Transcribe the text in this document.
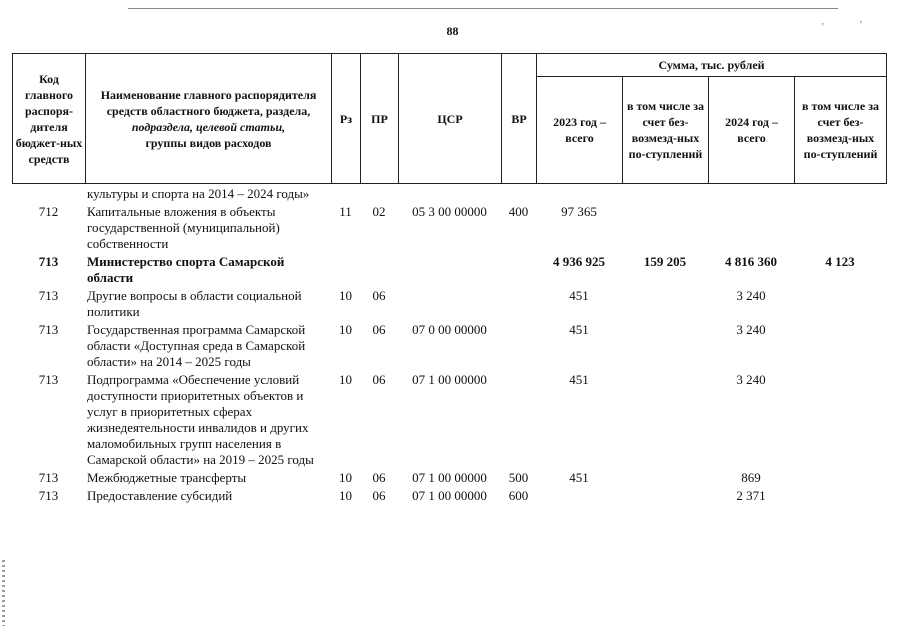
'	'
88
Код главного распоря-дителя бюджет-ных средств	Наименование главного распорядителя средств областного бюджета, раздела,
подраздела, целевой статьи,
группы видов расходов	Рз	ПР	ЦСР	ВР	Сумма, тыс. рублей			
						2023 год – всего	в том числе за счет без-возмезд-ных по-ступлений	2024 год – всего	в том числе за счет без-возмезд-ных по-ступлений
	культуры и спорта на 2014 – 2024 годы»								
712	Капитальные вложения в объекты государственной (муниципальной) собственности	11	02	05 3 00 00000	400	97 365			
713	Министерство спорта Самарской области					4 936 925	159 205	4 816 360	4 123
713	Другие вопросы в области социальной политики	10	06			451		3 240	
713	Государственная программа Самарской области «Доступная среда в Самарской области» на 2014 – 2025 годы	10	06	07 0 00 00000		451		3 240	
713	Подпрограмма «Обеспечение условий доступности приоритетных объектов и услуг в приоритетных сферах жизнедеятельности инвалидов и других маломобильных групп населения в Самарской области» на 2019 – 2025 годы	10	06	07 1 00 00000		451		3 240	
713	Межбюджетные трансферты	10	06	07 1 00 00000	500	451		869	
713	Предоставление субсидий	10	06	07 1 00 00000	600			2 371	
